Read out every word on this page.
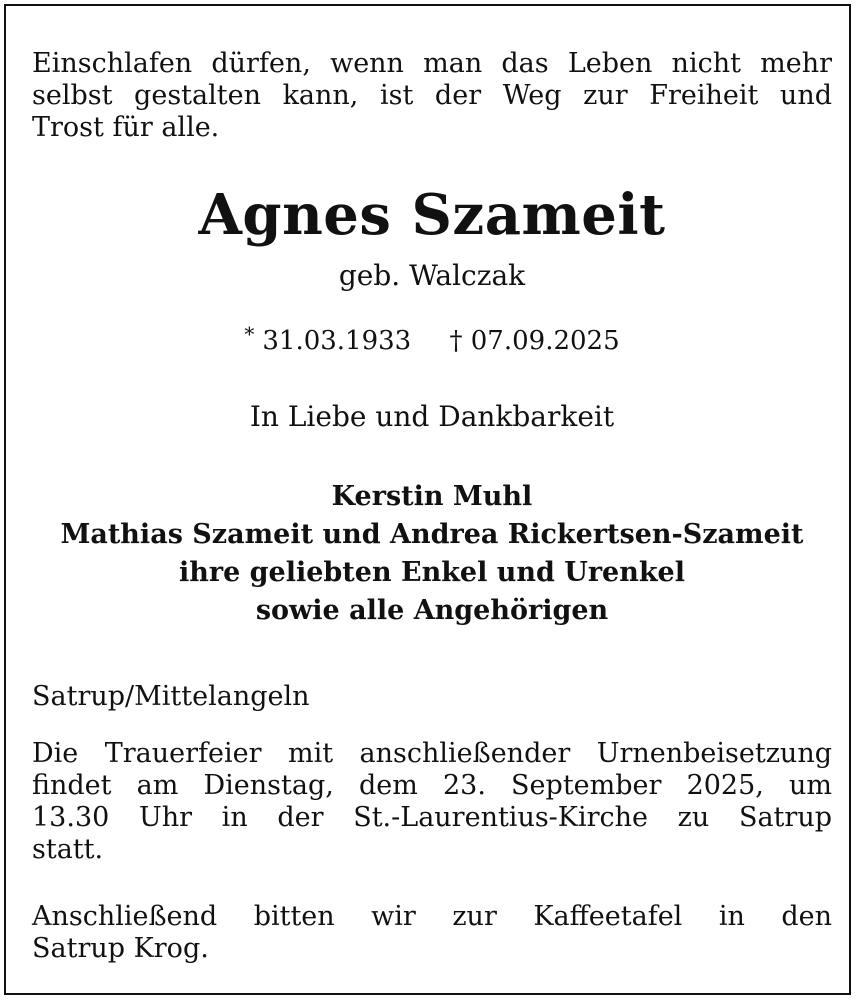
Einschlafen dürfen, wenn man das Leben nicht mehr
selbst gestalten kann, ist der Weg zur Freiheit und
Trost für alle.
Agnes Szameit
geb. Walczak
* 31.03.1933 † 07.09.2025
In Liebe und Dankbarkeit
Kerstin Muhl
Mathias Szameit und Andrea Rickertsen-Szameit
ihre geliebten Enkel und Urenkel
sowie alle Angehörigen
Satrup/Mittelangeln
Die Trauerfeier mit anschließender Urnenbeisetzung
findet am Dienstag, dem 23. September 2025, um
13.30 Uhr in der St.-Laurentius-Kirche zu Satrup
statt.
Anschließend bitten wir zur Kaffeetafel in den
Satrup Krog.
